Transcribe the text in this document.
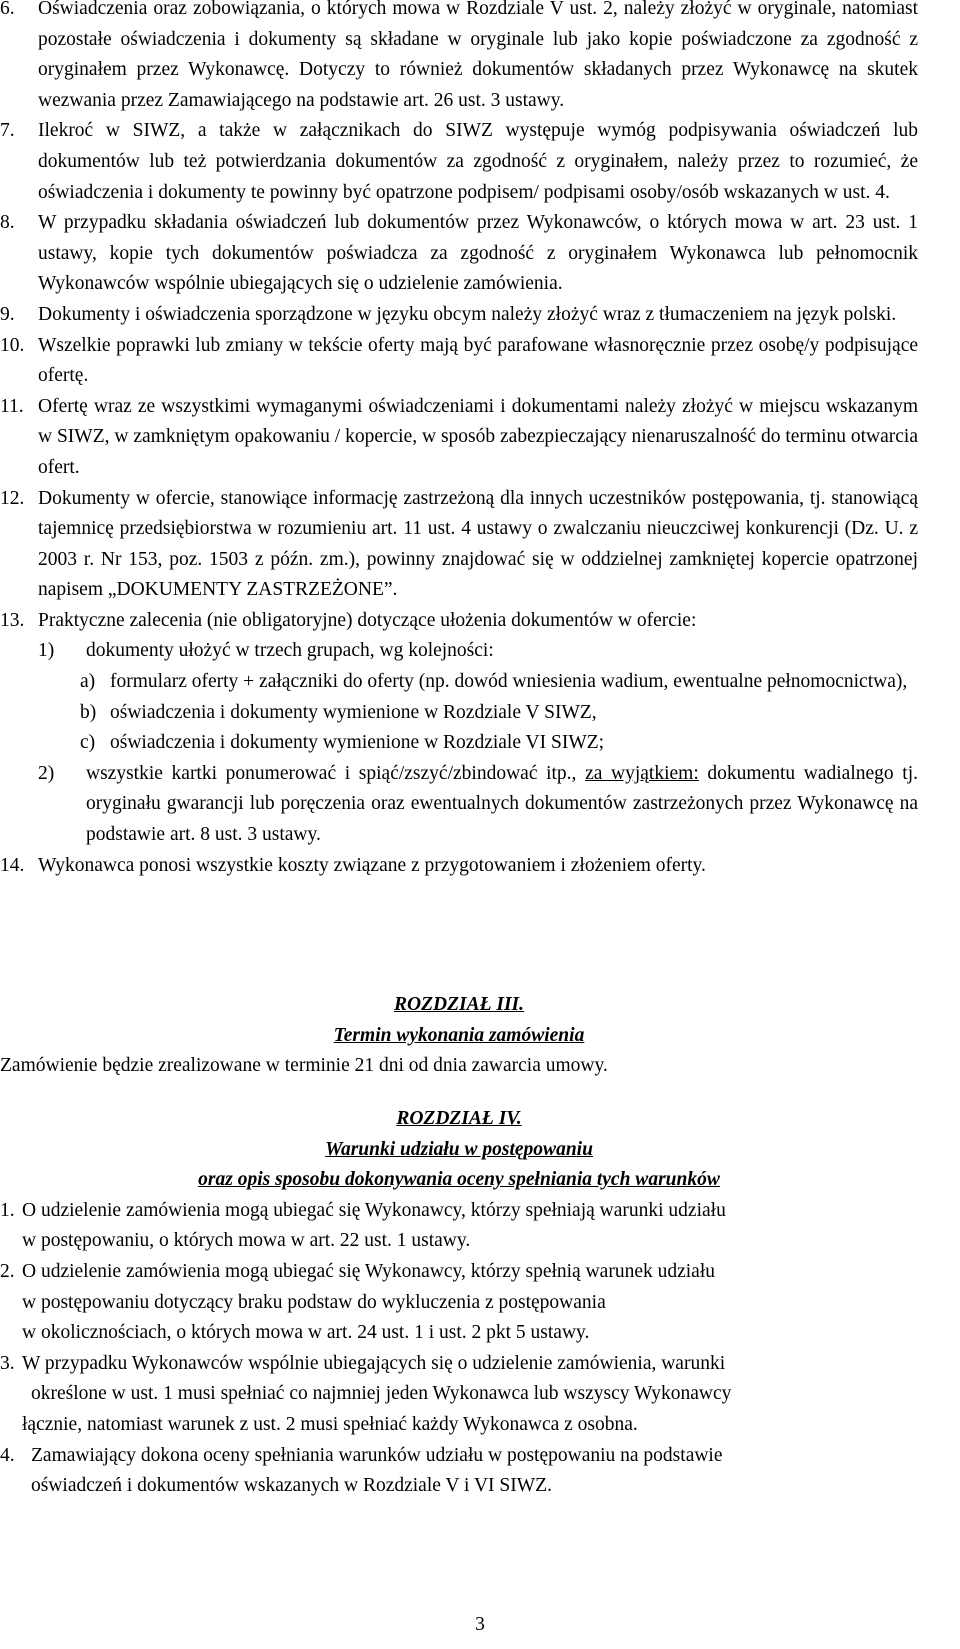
6. Oświadczenia oraz zobowiązania, o których mowa w Rozdziale V ust. 2, należy złożyć w oryginale, natomiast pozostałe oświadczenia i dokumenty są składane w oryginale lub jako kopie poświadczone za zgodność z oryginałem przez Wykonawcę. Dotyczy to również dokumentów składanych przez Wykonawcę na skutek wezwania przez Zamawiającego na podstawie art. 26 ust. 3 ustawy.
7. Ilekroć w SIWZ, a także w załącznikach do SIWZ występuje wymóg podpisywania oświadczeń lub dokumentów lub też potwierdzania dokumentów za zgodność z oryginałem, należy przez to rozumieć, że oświadczenia i dokumenty te powinny być opatrzone podpisem/ podpisami osoby/osób wskazanych w ust. 4.
8. W przypadku składania oświadczeń lub dokumentów przez Wykonawców, o których mowa w art. 23 ust. 1 ustawy, kopie tych dokumentów poświadcza za zgodność z oryginałem Wykonawca lub pełnomocnik Wykonawców wspólnie ubiegających się o udzielenie zamówienia.
9. Dokumenty i oświadczenia sporządzone w języku obcym należy złożyć wraz z tłumaczeniem na język polski.
10. Wszelkie poprawki lub zmiany w tekście oferty mają być parafowane własnoręcznie przez osobę/y podpisujące ofertę.
11. Ofertę wraz ze wszystkimi wymaganymi oświadczeniami i dokumentami należy złożyć w miejscu wskazanym w SIWZ, w zamkniętym opakowaniu / kopercie, w sposób zabezpieczający nienaruszalność do terminu otwarcia ofert.
12. Dokumenty w ofercie, stanowiące informację zastrzeżoną dla innych uczestników postępowania, tj. stanowiącą tajemnicę przedsiębiorstwa w rozumieniu art. 11 ust. 4 ustawy o zwalczaniu nieuczciwej konkurencji (Dz. U. z 2003 r. Nr 153, poz. 1503 z późn. zm.), powinny znajdować się w oddzielnej zamkniętej kopercie opatrzonej napisem „DOKUMENTY ZASTRZEŻONE”.
13. Praktyczne zalecenia (nie obligatoryjne) dotyczące ułożenia dokumentów w ofercie:
1) dokumenty ułożyć w trzech grupach, wg kolejności:
a) formularz oferty + załączniki do oferty (np. dowód wniesienia wadium, ewentualne pełnomocnictwa),
b) oświadczenia i dokumenty wymienione w Rozdziale V SIWZ,
c) oświadczenia i dokumenty wymienione w Rozdziale VI SIWZ;
2) wszystkie kartki ponumerować i spiąć/zszyć/zbindować itp., za wyjątkiem: dokumentu wadialnego tj. oryginału gwarancji lub poręczenia oraz ewentualnych dokumentów zastrzeżonych przez Wykonawcę na podstawie art. 8 ust. 3 ustawy.
14. Wykonawca ponosi wszystkie koszty związane z przygotowaniem i złożeniem oferty.
ROZDZIAŁ III.
Termin wykonania zamówienia
Zamówienie będzie zrealizowane w terminie 21 dni od dnia zawarcia umowy.
ROZDZIAŁ IV.
Warunki udziału w postępowaniu
oraz opis sposobu dokonywania oceny spełniania tych warunków
1. O udzielenie zamówienia mogą ubiegać się Wykonawcy, którzy spełniają warunki udziału
w postępowaniu, o których mowa w art. 22 ust. 1 ustawy.
2. O udzielenie zamówienia mogą ubiegać się Wykonawcy, którzy spełnią warunek udziału
w postępowaniu dotyczący braku podstaw do wykluczenia z postępowania
w okolicznościach, o których mowa w art. 24 ust. 1 i ust. 2 pkt 5 ustawy.
3. W przypadku Wykonawców wspólnie ubiegających się o udzielenie zamówienia, warunki
określone w ust. 1 musi spełniać co najmniej jeden Wykonawca lub wszyscy Wykonawcy
łącznie, natomiast warunek z ust. 2 musi spełniać każdy Wykonawca z osobna.
4. Zamawiający dokona oceny spełniania warunków udziału w postępowaniu na podstawie
oświadczeń i dokumentów wskazanych w Rozdziale V i VI SIWZ.
3
